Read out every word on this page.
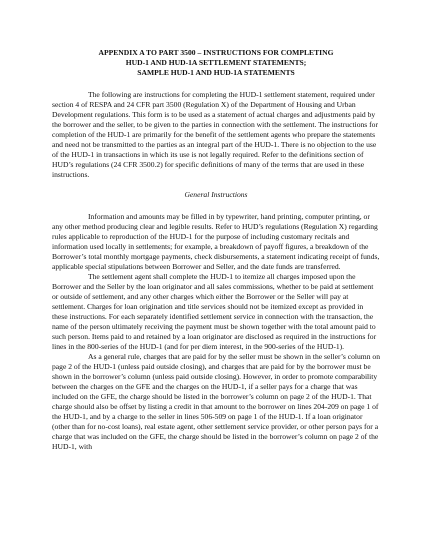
APPENDIX A TO PART 3500 – INSTRUCTIONS FOR COMPLETING
HUD-1 AND HUD-1A SETTLEMENT STATEMENTS;
SAMPLE HUD-1 AND HUD-1A STATEMENTS

The following are instructions for completing the HUD-1 settlement statement, required under section 4 of RESPA and 24 CFR part 3500 (Regulation X) of the Department of Housing and Urban Development regulations. This form is to be used as a statement of actual charges and adjustments paid by the borrower and the seller, to be given to the parties in connection with the settlement. The instructions for completion of the HUD-1 are primarily for the benefit of the settlement agents who prepare the statements and need not be transmitted to the parties as an integral part of the HUD-1. There is no objection to the use of the HUD-1 in transactions in which its use is not legally required. Refer to the definitions section of HUD’s regulations (24 CFR 3500.2) for specific definitions of many of the terms that are used in these instructions.

General Instructions

Information and amounts may be filled in by typewriter, hand printing, computer printing, or any other method producing clear and legible results. Refer to HUD’s regulations (Regulation X) regarding rules applicable to reproduction of the HUD-1 for the purpose of including customary recitals and information used locally in settlements; for example, a breakdown of payoff figures, a breakdown of the Borrower’s total monthly mortgage payments, check disbursements, a statement indicating receipt of funds, applicable special stipulations between Borrower and Seller, and the date funds are transferred.

The settlement agent shall complete the HUD-1 to itemize all charges imposed upon the Borrower and the Seller by the loan originator and all sales commissions, whether to be paid at settlement or outside of settlement, and any other charges which either the Borrower or the Seller will pay at settlement. Charges for loan origination and title services should not be itemized except as provided in these instructions. For each separately identified settlement service in connection with the transaction, the name of the person ultimately receiving the payment must be shown together with the total amount paid to such person. Items paid to and retained by a loan originator are disclosed as required in the instructions for lines in the 800-series of the HUD-1 (and for per diem interest, in the 900-series of the HUD-1).

As a general rule, charges that are paid for by the seller must be shown in the seller’s column on page 2 of the HUD-1 (unless paid outside closing), and charges that are paid for by the borrower must be shown in the borrower’s column (unless paid outside closing). However, in order to promote comparability between the charges on the GFE and the charges on the HUD-1, if a seller pays for a charge that was included on the GFE, the charge should be listed in the borrower’s column on page 2 of the HUD-1. That charge should also be offset by listing a credit in that amount to the borrower on lines 204-209 on page 1 of the HUD-1, and by a charge to the seller in lines 506-509 on page 1 of the HUD-1. If a loan originator (other than for no-cost loans), real estate agent, other settlement service provider, or other person pays for a charge that was included on the GFE, the charge should be listed in the borrower’s column on page 2 of the HUD-1, with
